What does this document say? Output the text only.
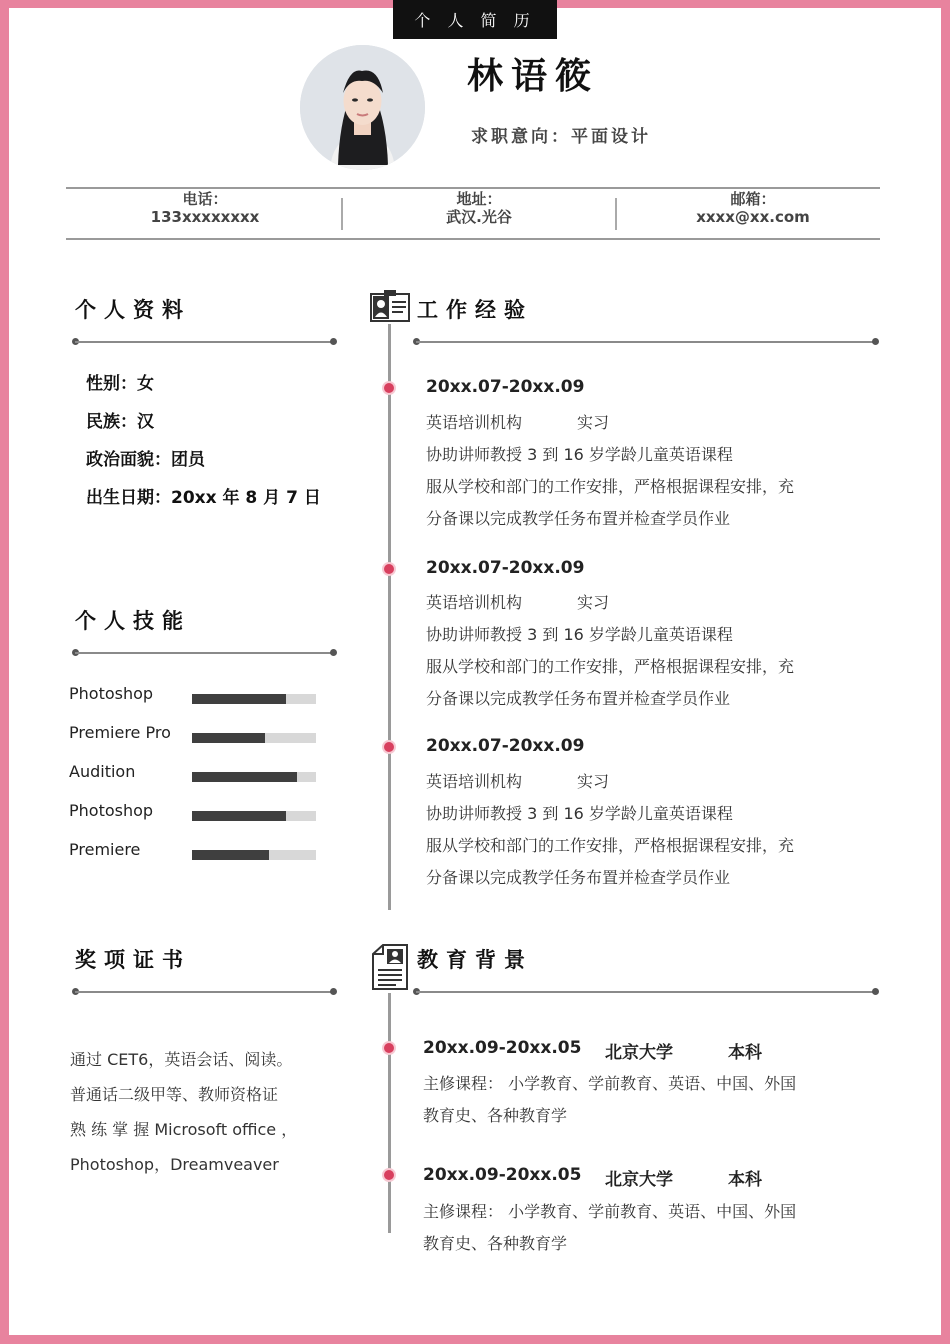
个 人 简 历
林语筱
求职意向：平面设计
电话：
133xxxxxxxx
地址：
武汉.光谷
邮箱：
xxxx@xx.com
个人资料
性别：女
民族：汉
政治面貌：团员
出生日期：20xx 年 8 月 7 日
个人技能
Photoshop
Premiere Pro
Audition
Photoshop
Premiere
奖项证书
通过 CET6，英语会话、阅读。
普通话二级甲等、教师资格证
熟 练 掌 握 Microsoft office ，
Photoshop，Dreamveaver
工作经验
20xx.07-20xx.09
英语培训机构	实习
协助讲师教授 3 到 16 岁学龄儿童英语课程
服从学校和部门的工作安排，严格根据课程安排，充
分备课以完成教学任务布置并检查学员作业
20xx.07-20xx.09
英语培训机构	实习
协助讲师教授 3 到 16 岁学龄儿童英语课程
服从学校和部门的工作安排，严格根据课程安排，充
分备课以完成教学任务布置并检查学员作业
20xx.07-20xx.09
英语培训机构	实习
协助讲师教授 3 到 16 岁学龄儿童英语课程
服从学校和部门的工作安排，严格根据课程安排，充
分备课以完成教学任务布置并检查学员作业
教育背景
20xx.09-20xx.05 北京大学	本科
主修课程： 小学教育、学前教育、英语、中国、外国
教育史、各种教育学
20xx.09-20xx.05 北京大学	本科
主修课程： 小学教育、学前教育、英语、中国、外国
教育史、各种教育学
